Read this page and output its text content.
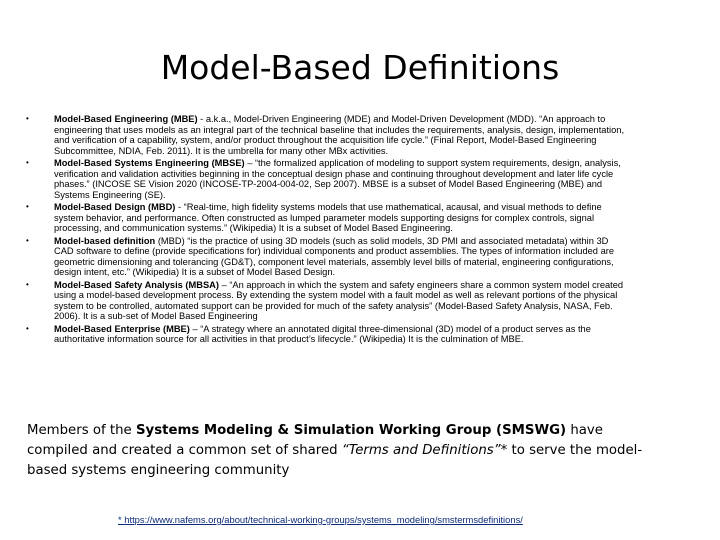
Model-Based Definitions
•	Model-Based Engineering (MBE) - a.k.a., Model-Driven Engineering (MDE) and Model-Driven Development (MDD). “An approach to engineering that uses models as an integral part of the technical baseline that includes the requirements, analysis, design, implementation, and verification of a capability, system, and/or product throughout the acquisition life cycle.” (Final Report, Model-Based Engineering Subcommittee, NDIA, Feb. 2011). It is the umbrella for many other MBx activities.
•	Model-Based Systems Engineering (MBSE) – “the formalized application of modeling to support system requirements, design, analysis, verification and validation activities beginning in the conceptual design phase and continuing throughout development and later life cycle phases.” (INCOSE SE Vision 2020 (INCOSE-TP-2004-004-02, Sep 2007). MBSE is a subset of Model Based Engineering (MBE) and Systems Engineering (SE).
•	Model-Based Design (MBD) - “Real-time, high fidelity systems models that use mathematical, acausal, and visual methods to define system behavior, and performance. Often constructed as lumped parameter models supporting designs for complex controls, signal processing, and communication systems.” (Wikipedia) It is a subset of Model Based Engineering.
•	Model-based definition (MBD) “is the practice of using 3D models (such as solid models, 3D PMI and associated metadata) within 3D CAD software to define (provide specifications for) individual components and product assemblies. The types of information included are geometric dimensioning and tolerancing (GD&T), component level materials, assembly level bills of material, engineering configurations, design intent, etc.” (Wikipedia) It is a subset of Model Based Design.
•	Model-Based Safety Analysis (MBSA) – “An approach in which the system and safety engineers share a common system model created using a model-based development process. By extending the system model with a fault model as well as relevant portions of the physical system to be controlled, automated support can be provided for much of the safety analysis” (Model-Based Safety Analysis, NASA, Feb. 2006). It is a sub-set of Model Based Engineering
•	Model-Based Enterprise (MBE) – “A strategy where an annotated digital three-dimensional (3D) model of a product serves as the authoritative information source for all activities in that product’s lifecycle.” (Wikipedia) It is the culmination of MBE.
Members of the Systems Modeling & Simulation Working Group (SMSWG) have compiled and created a common set of shared “Terms and Definitions”* to serve the model-based systems engineering community
* https://www.nafems.org/about/technical-working-groups/systems_modeling/smstermsdefinitions/
